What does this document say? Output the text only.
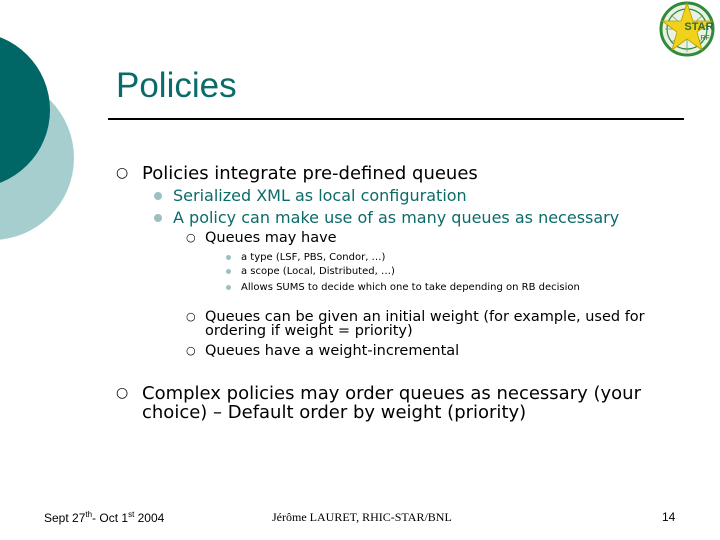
STAR
RF
Policies
○ Policies integrate pre-defined queues
Serialized XML as local configuration
A policy can make use of as many queues as necessary
○ Queues may have
a type (LSF, PBS, Condor, …)
a scope (Local, Distributed, …)
Allows SUMS to decide which one to take depending on RB decision
○ Queues can be given an initial weight (for example, used for ordering if weight = priority)
○ Queues have a weight-incremental
○ Complex policies may order queues as necessary (your choice) – Default order by weight (priority)
Sept 27th- Oct 1st 2004	Jérôme LAURET, RHIC-STAR/BNL	14
